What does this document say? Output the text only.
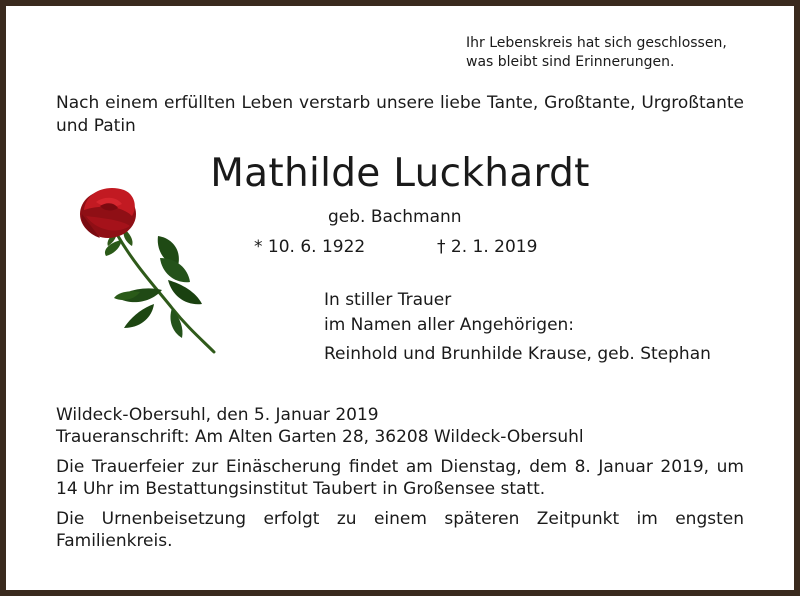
Ihr Lebenskreis hat sich geschlossen,
was bleibt sind Erinnerungen.
Nach einem erfüllten Leben verstarb unsere liebe Tante, Großtante, Urgroßtante und Patin
Mathilde Luckhardt
geb. Bachmann
* 10. 6. 1922	† 2. 1. 2019
In stiller Trauer
im Namen aller Angehörigen:
Reinhold und Brunhilde Krause, geb. Stephan

Wildeck-Obersuhl, den 5. Januar 2019
Traueranschrift: Am Alten Garten 28, 36208 Wildeck-Obersuhl

Die Trauerfeier zur Einäscherung findet am Dienstag, dem 8. Januar 2019, um 14 Uhr im Bestattungsinstitut Taubert in Großensee statt.

Die Urnenbeisetzung erfolgt zu einem späteren Zeitpunkt im engsten Familienkreis.
